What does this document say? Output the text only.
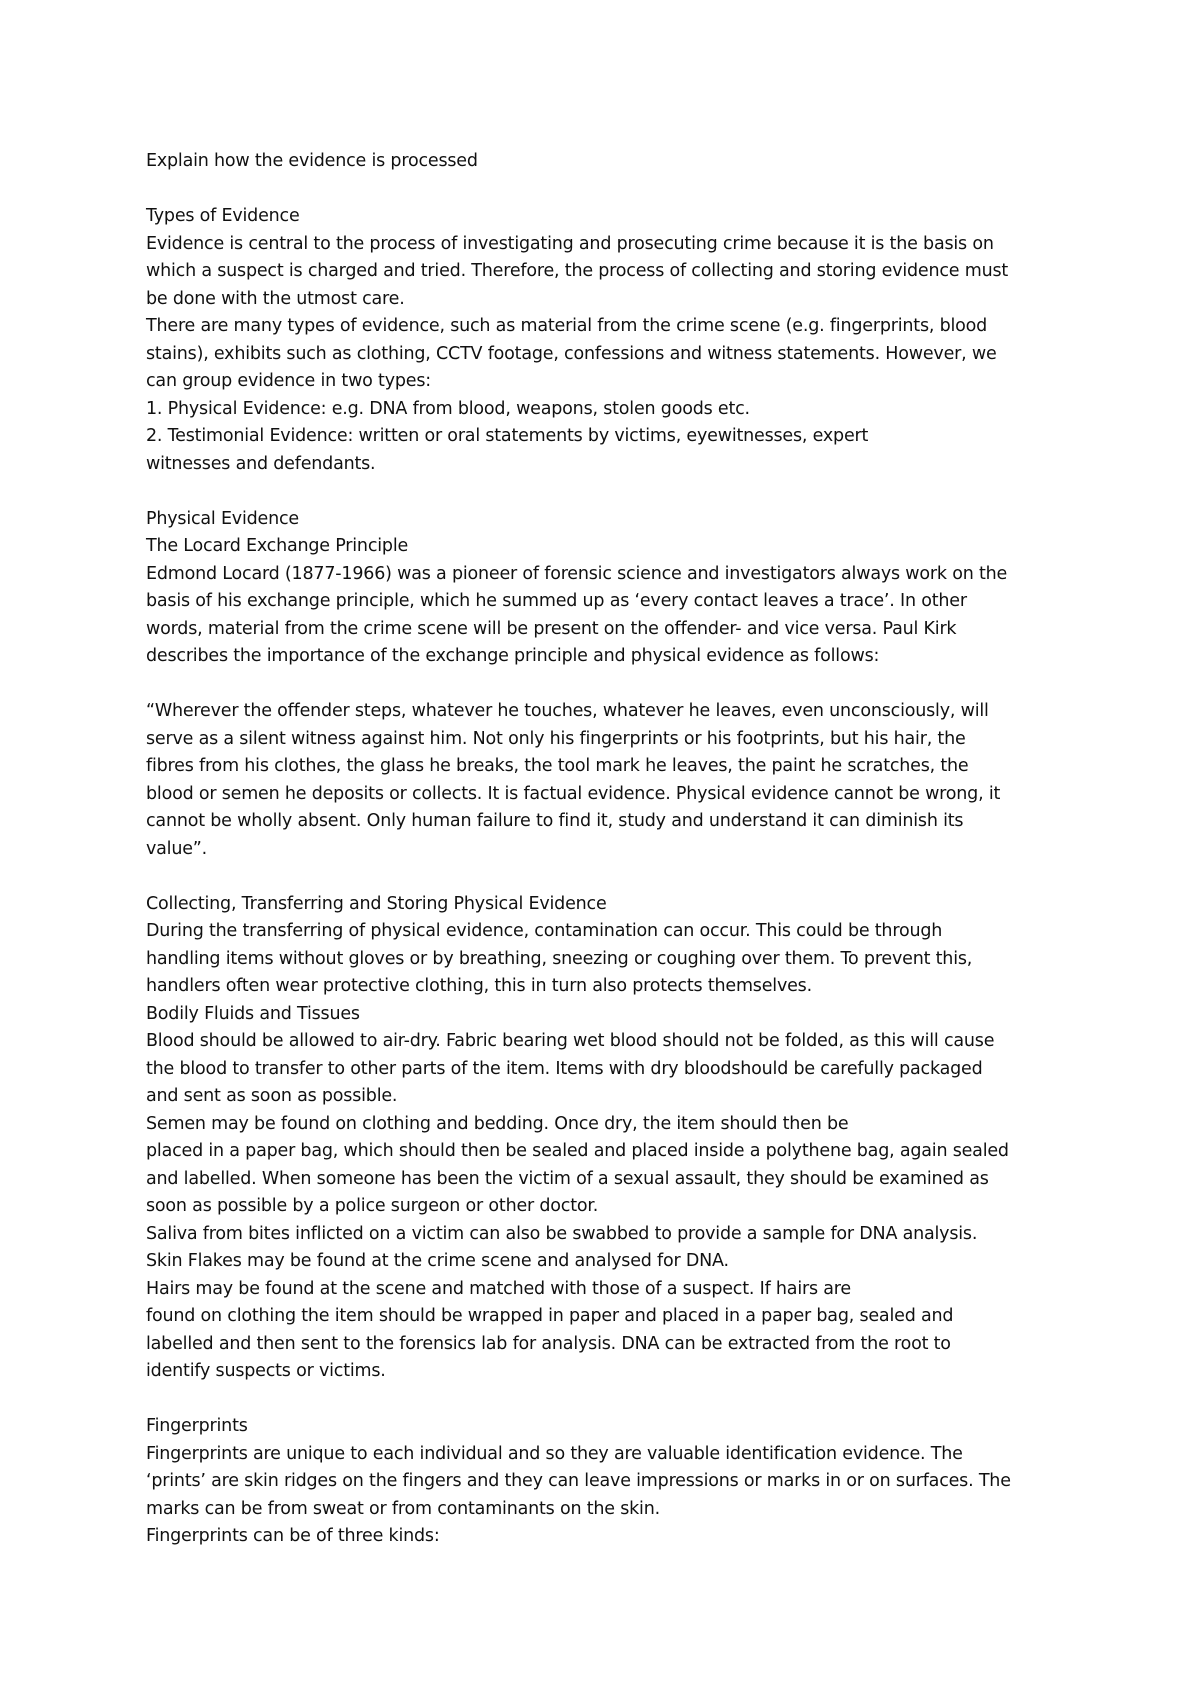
Explain how the evidence is processed

Types of Evidence
Evidence is central to the process of investigating and prosecuting crime because it is the basis on
which a suspect is charged and tried. Therefore, the process of collecting and storing evidence must
be done with the utmost care.
There are many types of evidence, such as material from the crime scene (e.g. fingerprints, blood
stains), exhibits such as clothing, CCTV footage, confessions and witness statements. However, we
can group evidence in two types:
1. Physical Evidence: e.g. DNA from blood, weapons, stolen goods etc.
2. Testimonial Evidence: written or oral statements by victims, eyewitnesses, expert
witnesses and defendants.

Physical Evidence
The Locard Exchange Principle
Edmond Locard (1877-1966) was a pioneer of forensic science and investigators always work on the
basis of his exchange principle, which he summed up as ‘every contact leaves a trace’. In other
words, material from the crime scene will be present on the offender- and vice versa. Paul Kirk
describes the importance of the exchange principle and physical evidence as follows:

“Wherever the offender steps, whatever he touches, whatever he leaves, even unconsciously, will
serve as a silent witness against him. Not only his fingerprints or his footprints, but his hair, the
fibres from his clothes, the glass he breaks, the tool mark he leaves, the paint he scratches, the
blood or semen he deposits or collects. It is factual evidence. Physical evidence cannot be wrong, it
cannot be wholly absent. Only human failure to find it, study and understand it can diminish its
value”.

Collecting, Transferring and Storing Physical Evidence
During the transferring of physical evidence, contamination can occur. This could be through
handling items without gloves or by breathing, sneezing or coughing over them. To prevent this,
handlers often wear protective clothing, this in turn also protects themselves.
Bodily Fluids and Tissues
Blood should be allowed to air-dry. Fabric bearing wet blood should not be folded, as this will cause
the blood to transfer to other parts of the item. Items with dry bloodshould be carefully packaged
and sent as soon as possible.
Semen may be found on clothing and bedding. Once dry, the item should then be
placed in a paper bag, which should then be sealed and placed inside a polythene bag, again sealed
and labelled. When someone has been the victim of a sexual assault, they should be examined as
soon as possible by a police surgeon or other doctor.
Saliva from bites inflicted on a victim can also be swabbed to provide a sample for DNA analysis.
Skin Flakes may be found at the crime scene and analysed for DNA.
Hairs may be found at the scene and matched with those of a suspect. If hairs are
found on clothing the item should be wrapped in paper and placed in a paper bag, sealed and
labelled and then sent to the forensics lab for analysis. DNA can be extracted from the root to
identify suspects or victims.

Fingerprints
Fingerprints are unique to each individual and so they are valuable identification evidence. The
‘prints’ are skin ridges on the fingers and they can leave impressions or marks in or on surfaces. The
marks can be from sweat or from contaminants on the skin.
Fingerprints can be of three kinds:
